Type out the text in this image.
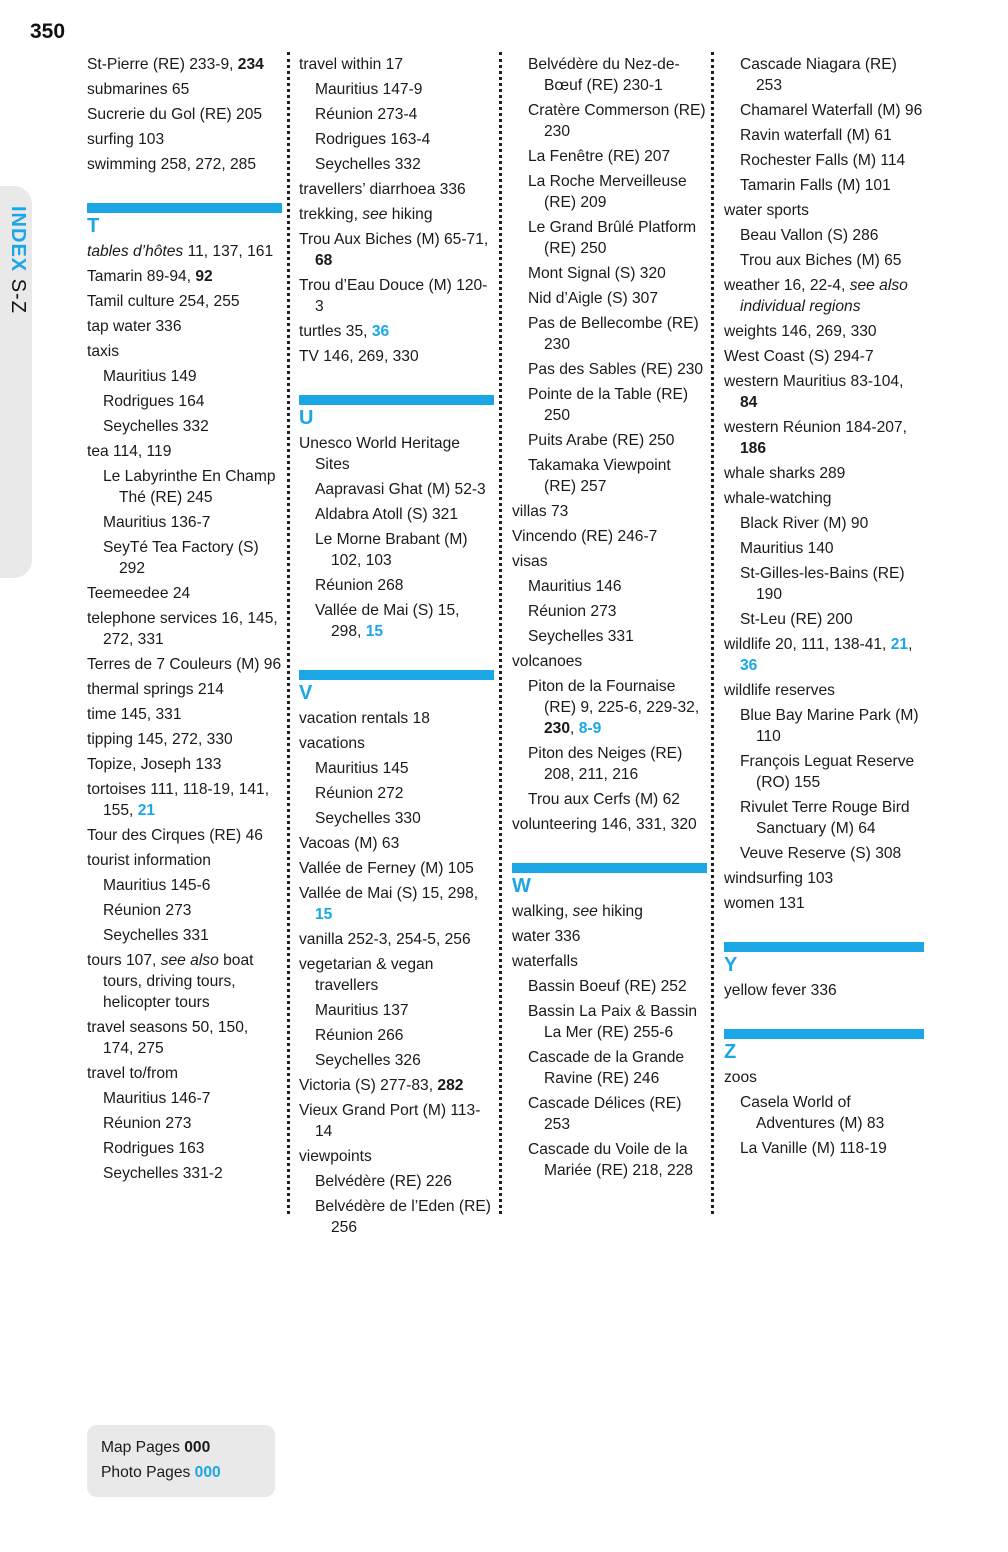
350
INDEX S-Z
St-Pierre (RE) 233-9, 234
submarines 65
Sucrerie du Gol (RE) 205
surfing 103
swimming 258, 272, 285
T
tables d’hôtes 11, 137, 161
Tamarin 89-94, 92
Tamil culture 254, 255
tap water 336
taxis
Mauritius 149
Rodrigues 164
Seychelles 332
tea 114, 119
Le Labyrinthe En Champ Thé (RE) 245
Mauritius 136-7
SeyTé Tea Factory (S) 292
Teemeedee 24
telephone services 16, 145, 272, 331
Terres de 7 Couleurs (M) 96
thermal springs 214
time 145, 331
tipping 145, 272, 330
Topize, Joseph 133
tortoises 111, 118-19, 141, 155, 21
Tour des Cirques (RE) 46
tourist information
Mauritius 145-6
Réunion 273
Seychelles 331
tours 107, see also boat tours, driving tours, helicopter tours
travel seasons 50, 150, 174, 275
travel to/from
Mauritius 146-7
Réunion 273
Rodrigues 163
Seychelles 331-2
travel within 17
Mauritius 147-9
Réunion 273-4
Rodrigues 163-4
Seychelles 332
travellers’ diarrhoea 336
trekking, see hiking
Trou Aux Biches (M) 65-71, 68
Trou d’Eau Douce (M) 120-3
turtles 35, 36
TV 146, 269, 330
U
Unesco World Heritage Sites
Aapravasi Ghat (M) 52-3
Aldabra Atoll (S) 321
Le Morne Brabant (M) 102, 103
Réunion 268
Vallée de Mai (S) 15, 298, 15
V
vacation rentals 18
vacations
Mauritius 145
Réunion 272
Seychelles 330
Vacoas (M) 63
Vallée de Ferney (M) 105
Vallée de Mai (S) 15, 298, 15
vanilla 252-3, 254-5, 256
vegetarian & vegan travellers
Mauritius 137
Réunion 266
Seychelles 326
Victoria (S) 277-83, 282
Vieux Grand Port (M) 113-14
viewpoints
Belvédère (RE) 226
Belvédère de l’Eden (RE) 256
Belvédère du Nez-de-Bœuf (RE) 230-1
Cratère Commerson (RE) 230
La Fenêtre (RE) 207
La Roche Merveilleuse (RE) 209
Le Grand Brûlé Platform (RE) 250
Mont Signal (S) 320
Nid d’Aigle (S) 307
Pas de Bellecombe (RE) 230
Pas des Sables (RE) 230
Pointe de la Table (RE) 250
Puits Arabe (RE) 250
Takamaka Viewpoint (RE) 257
villas 73
Vincendo (RE) 246-7
visas
Mauritius 146
Réunion 273
Seychelles 331
volcanoes
Piton de la Fournaise (RE) 9, 225-6, 229-32, 230, 8-9
Piton des Neiges (RE) 208, 211, 216
Trou aux Cerfs (M) 62
volunteering 146, 331, 320
W
walking, see hiking
water 336
waterfalls
Bassin Boeuf (RE) 252
Bassin La Paix & Bassin La Mer (RE) 255-6
Cascade de la Grande Ravine (RE) 246
Cascade Délices (RE) 253
Cascade du Voile de la Mariée (RE) 218, 228
Cascade Niagara (RE) 253
Chamarel Waterfall (M) 96
Ravin waterfall (M) 61
Rochester Falls (M) 114
Tamarin Falls (M) 101
water sports
Beau Vallon (S) 286
Trou aux Biches (M) 65
weather 16, 22-4, see also individual regions
weights 146, 269, 330
West Coast (S) 294-7
western Mauritius 83-104, 84
western Réunion 184-207, 186
whale sharks 289
whale-watching
Black River (M) 90
Mauritius 140
St-Gilles-les-Bains (RE) 190
St-Leu (RE) 200
wildlife 20, 111, 138-41, 21, 36
wildlife reserves
Blue Bay Marine Park (M) 110
François Leguat Reserve (RO) 155
Rivulet Terre Rouge Bird Sanctuary (M) 64
Veuve Reserve (S) 308
windsurfing 103
women 131
Y
yellow fever 336
Z
zoos
Casela World of Adventures (M) 83
La Vanille (M) 118-19
Map Pages 000
Photo Pages 000
